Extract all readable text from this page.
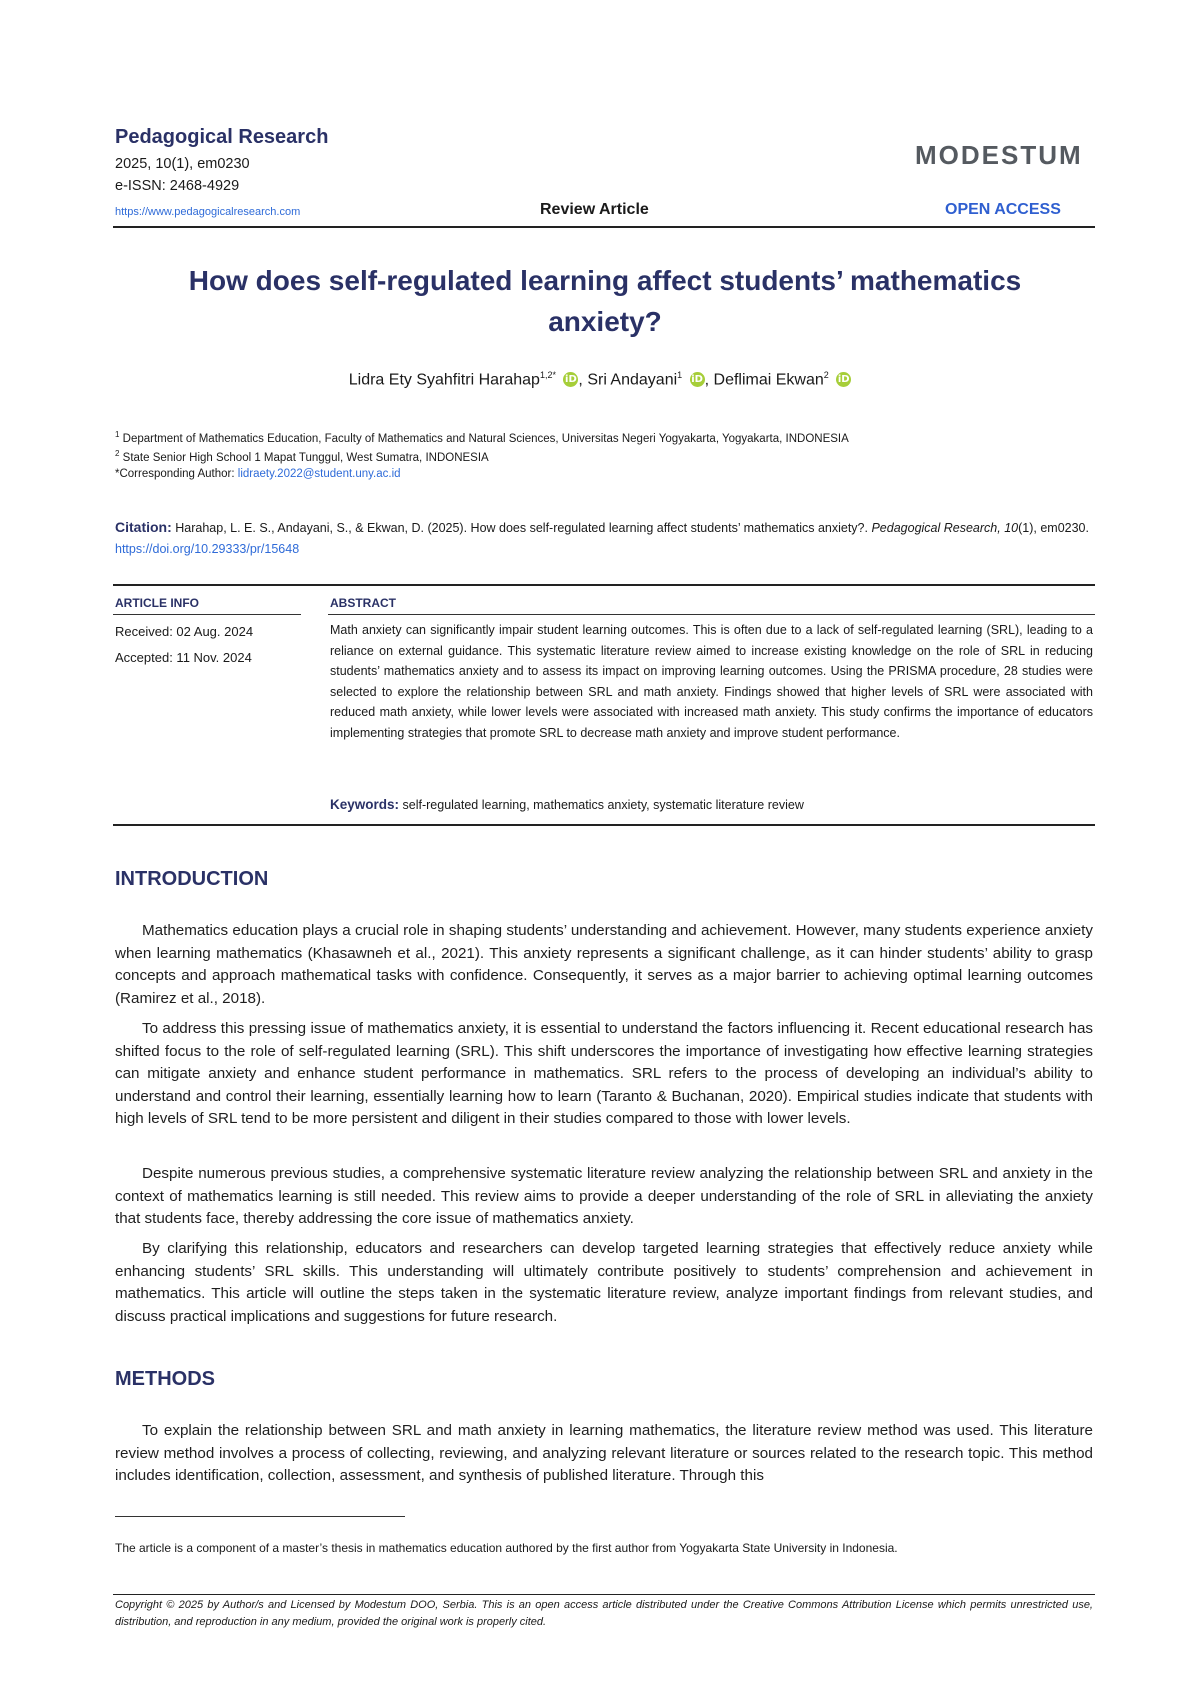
Pedagogical Research
2025, 10(1), em0230
e-ISSN: 2468-4929
https://www.pedagogicalresearch.com	Review Article	OPEN ACCESS
MODESTUM
How does self-regulated learning affect students’ mathematics anxiety?
Lidra Ety Syahfitri Harahap$^{1,2*}$ iD , Sri Andayani$^1$ iD , Deflimai Ekwan$^2$ iD
$^1$ Department of Mathematics Education, Faculty of Mathematics and Natural Sciences, Universitas Negeri Yogyakarta, Yogyakarta, INDONESIA
$^2$ State Senior High School 1 Mapat Tunggul, West Sumatra, INDONESIA
*Corresponding Author: lidraety.2022@student.uny.ac.id
Citation: Harahap, L. E. S., Andayani, S., & Ekwan, D. (2025). How does self-regulated learning affect students’ mathematics anxiety?. Pedagogical Research, 10(1), em0230. https://doi.org/10.29333/pr/15648
ARTICLE INFO
Received: 02 Aug. 2024
Accepted: 11 Nov. 2024
ABSTRACT

Math anxiety can significantly impair student learning outcomes. This is often due to a lack of self-regulated learning (SRL), leading to a reliance on external guidance. This systematic literature review aimed to increase existing knowledge on the role of SRL in reducing students’ mathematics anxiety and to assess its impact on improving learning outcomes. Using the PRISMA procedure, 28 studies were selected to explore the relationship between SRL and math anxiety. Findings showed that higher levels of SRL were associated with reduced math anxiety, while lower levels were associated with increased math anxiety. This study confirms the importance of educators implementing strategies that promote SRL to decrease math anxiety and improve student performance.

Keywords: self-regulated learning, mathematics anxiety, systematic literature review
INTRODUCTION

Mathematics education plays a crucial role in shaping students’ understanding and achievement. However, many students experience anxiety when learning mathematics (Khasawneh et al., 2021). This anxiety represents a significant challenge, as it can hinder students’ ability to grasp concepts and approach mathematical tasks with confidence. Consequently, it serves as a major barrier to achieving optimal learning outcomes (Ramirez et al., 2018).

To address this pressing issue of mathematics anxiety, it is essential to understand the factors influencing it. Recent educational research has shifted focus to the role of self-regulated learning (SRL). This shift underscores the importance of investigating how effective learning strategies can mitigate anxiety and enhance student performance in mathematics. SRL refers to the process of developing an individual’s ability to understand and control their learning, essentially learning how to learn (Taranto & Buchanan, 2020). Empirical studies indicate that students with high levels of SRL tend to be more persistent and diligent in their studies compared to those with lower levels.

Despite numerous previous studies, a comprehensive systematic literature review analyzing the relationship between SRL and anxiety in the context of mathematics learning is still needed. This review aims to provide a deeper understanding of the role of SRL in alleviating the anxiety that students face, thereby addressing the core issue of mathematics anxiety.

By clarifying this relationship, educators and researchers can develop targeted learning strategies that effectively reduce anxiety while enhancing students’ SRL skills. This understanding will ultimately contribute positively to students’ comprehension and achievement in mathematics. This article will outline the steps taken in the systematic literature review, analyze important findings from relevant studies, and discuss practical implications and suggestions for future research.

METHODS

To explain the relationship between SRL and math anxiety in learning mathematics, the literature review method was used. This literature review method involves a process of collecting, reviewing, and analyzing relevant literature or sources related to the research topic. This method includes identification, collection, assessment, and synthesis of published literature. Through this

The article is a component of a master’s thesis in mathematics education authored by the first author from Yogyakarta State University in Indonesia.

Copyright © 2025 by Author/s and Licensed by Modestum DOO, Serbia. This is an open access article distributed under the Creative Commons Attribution License which permits unrestricted use, distribution, and reproduction in any medium, provided the original work is properly cited.
